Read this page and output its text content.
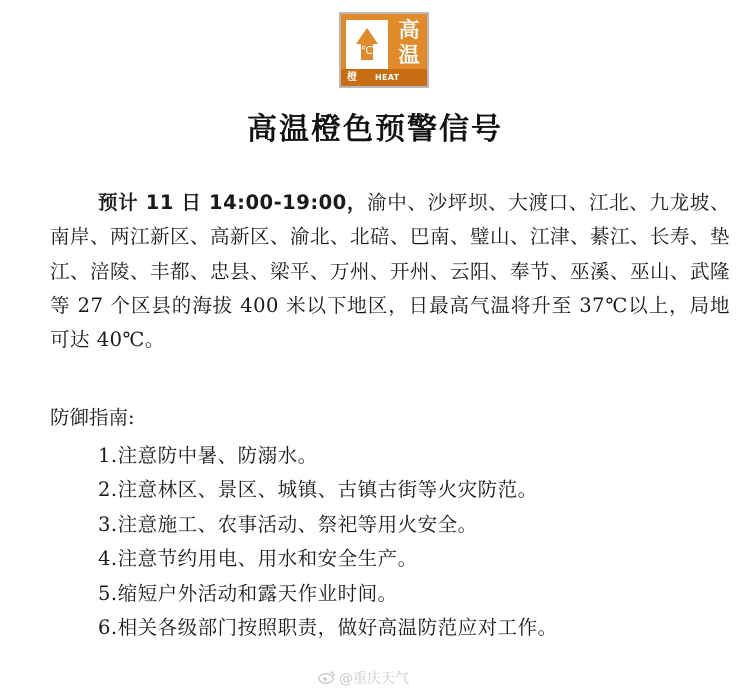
℃
高
温
橙 HEAT WAVE
高温橙色预警信号
预计 11 日 14:00-19:00，渝中、沙坪坝、大渡口、江北、九龙坡、南岸、两江新区、高新区、渝北、北碚、巴南、璧山、江津、綦江、长寿、垫江、涪陵、丰都、忠县、梁平、万州、开州、云阳、奉节、巫溪、巫山、武隆等 27 个区县的海拔 400 米以下地区，日最高气温将升至 37℃以上，局地可达 40℃。
防御指南:
1.注意防中暑、防溺水。
2.注意林区、景区、城镇、古镇古街等火灾防范。
3.注意施工、农事活动、祭祀等用火安全。
4.注意节约用电、用水和安全生产。
5.缩短户外活动和露天作业时间。
6.相关各级部门按照职责，做好高温防范应对工作。
@重庆天气
